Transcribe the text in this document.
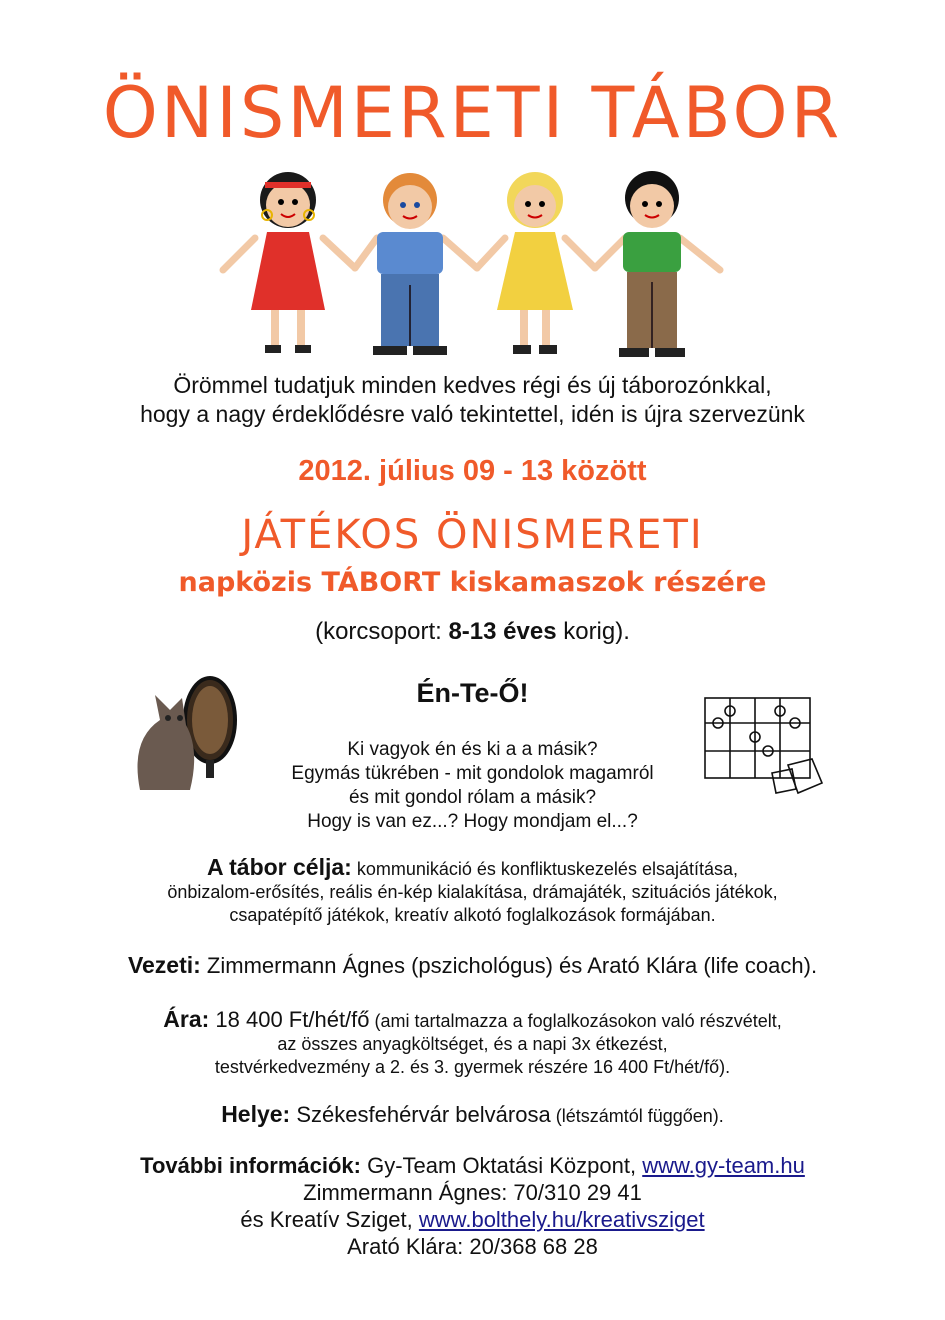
ÖNISMERETI TÁBOR
Örömmel tudatjuk minden kedves régi és új táborozónkkal,
hogy a nagy érdeklődésre való tekintettel, idén is újra szervezünk
2012. július 09 - 13 között
JÁTÉKOS ÖNISMERETI
napközis TÁBORT kiskamaszok részére
(korcsoport: 8-13 éves korig).
Én-Te-Ő!
Ki vagyok én és ki a a másik?
Egymás tükrében - mit gondolok magamról
és mit gondol rólam a másik?
Hogy is van ez...? Hogy mondjam el...?
A tábor célja: kommunikáció és konfliktuskezelés elsajátítása,
önbizalom-erősítés, reális én-kép kialakítása, drámajáték, szituációs játékok,
csapatépítő játékok, kreatív alkotó foglalkozások formájában.
Vezeti: Zimmermann Ágnes (pszichológus) és Arató Klára (life coach).
Ára: 18 400 Ft/hét/fő (ami tartalmazza a foglalkozásokon való részvételt,
az összes anyagköltséget, és a napi 3x étkezést,
testvérkedvezmény a 2. és 3. gyermek részére 16 400 Ft/hét/fő).
Helye: Székesfehérvár belvárosa (létszámtól függően).
További információk: Gy-Team Oktatási Központ, www.gy-team.hu
Zimmermann Ágnes: 70/310 29 41
és Kreatív Sziget, www.bolthely.hu/kreativsziget
Arató Klára: 20/368 68 28
